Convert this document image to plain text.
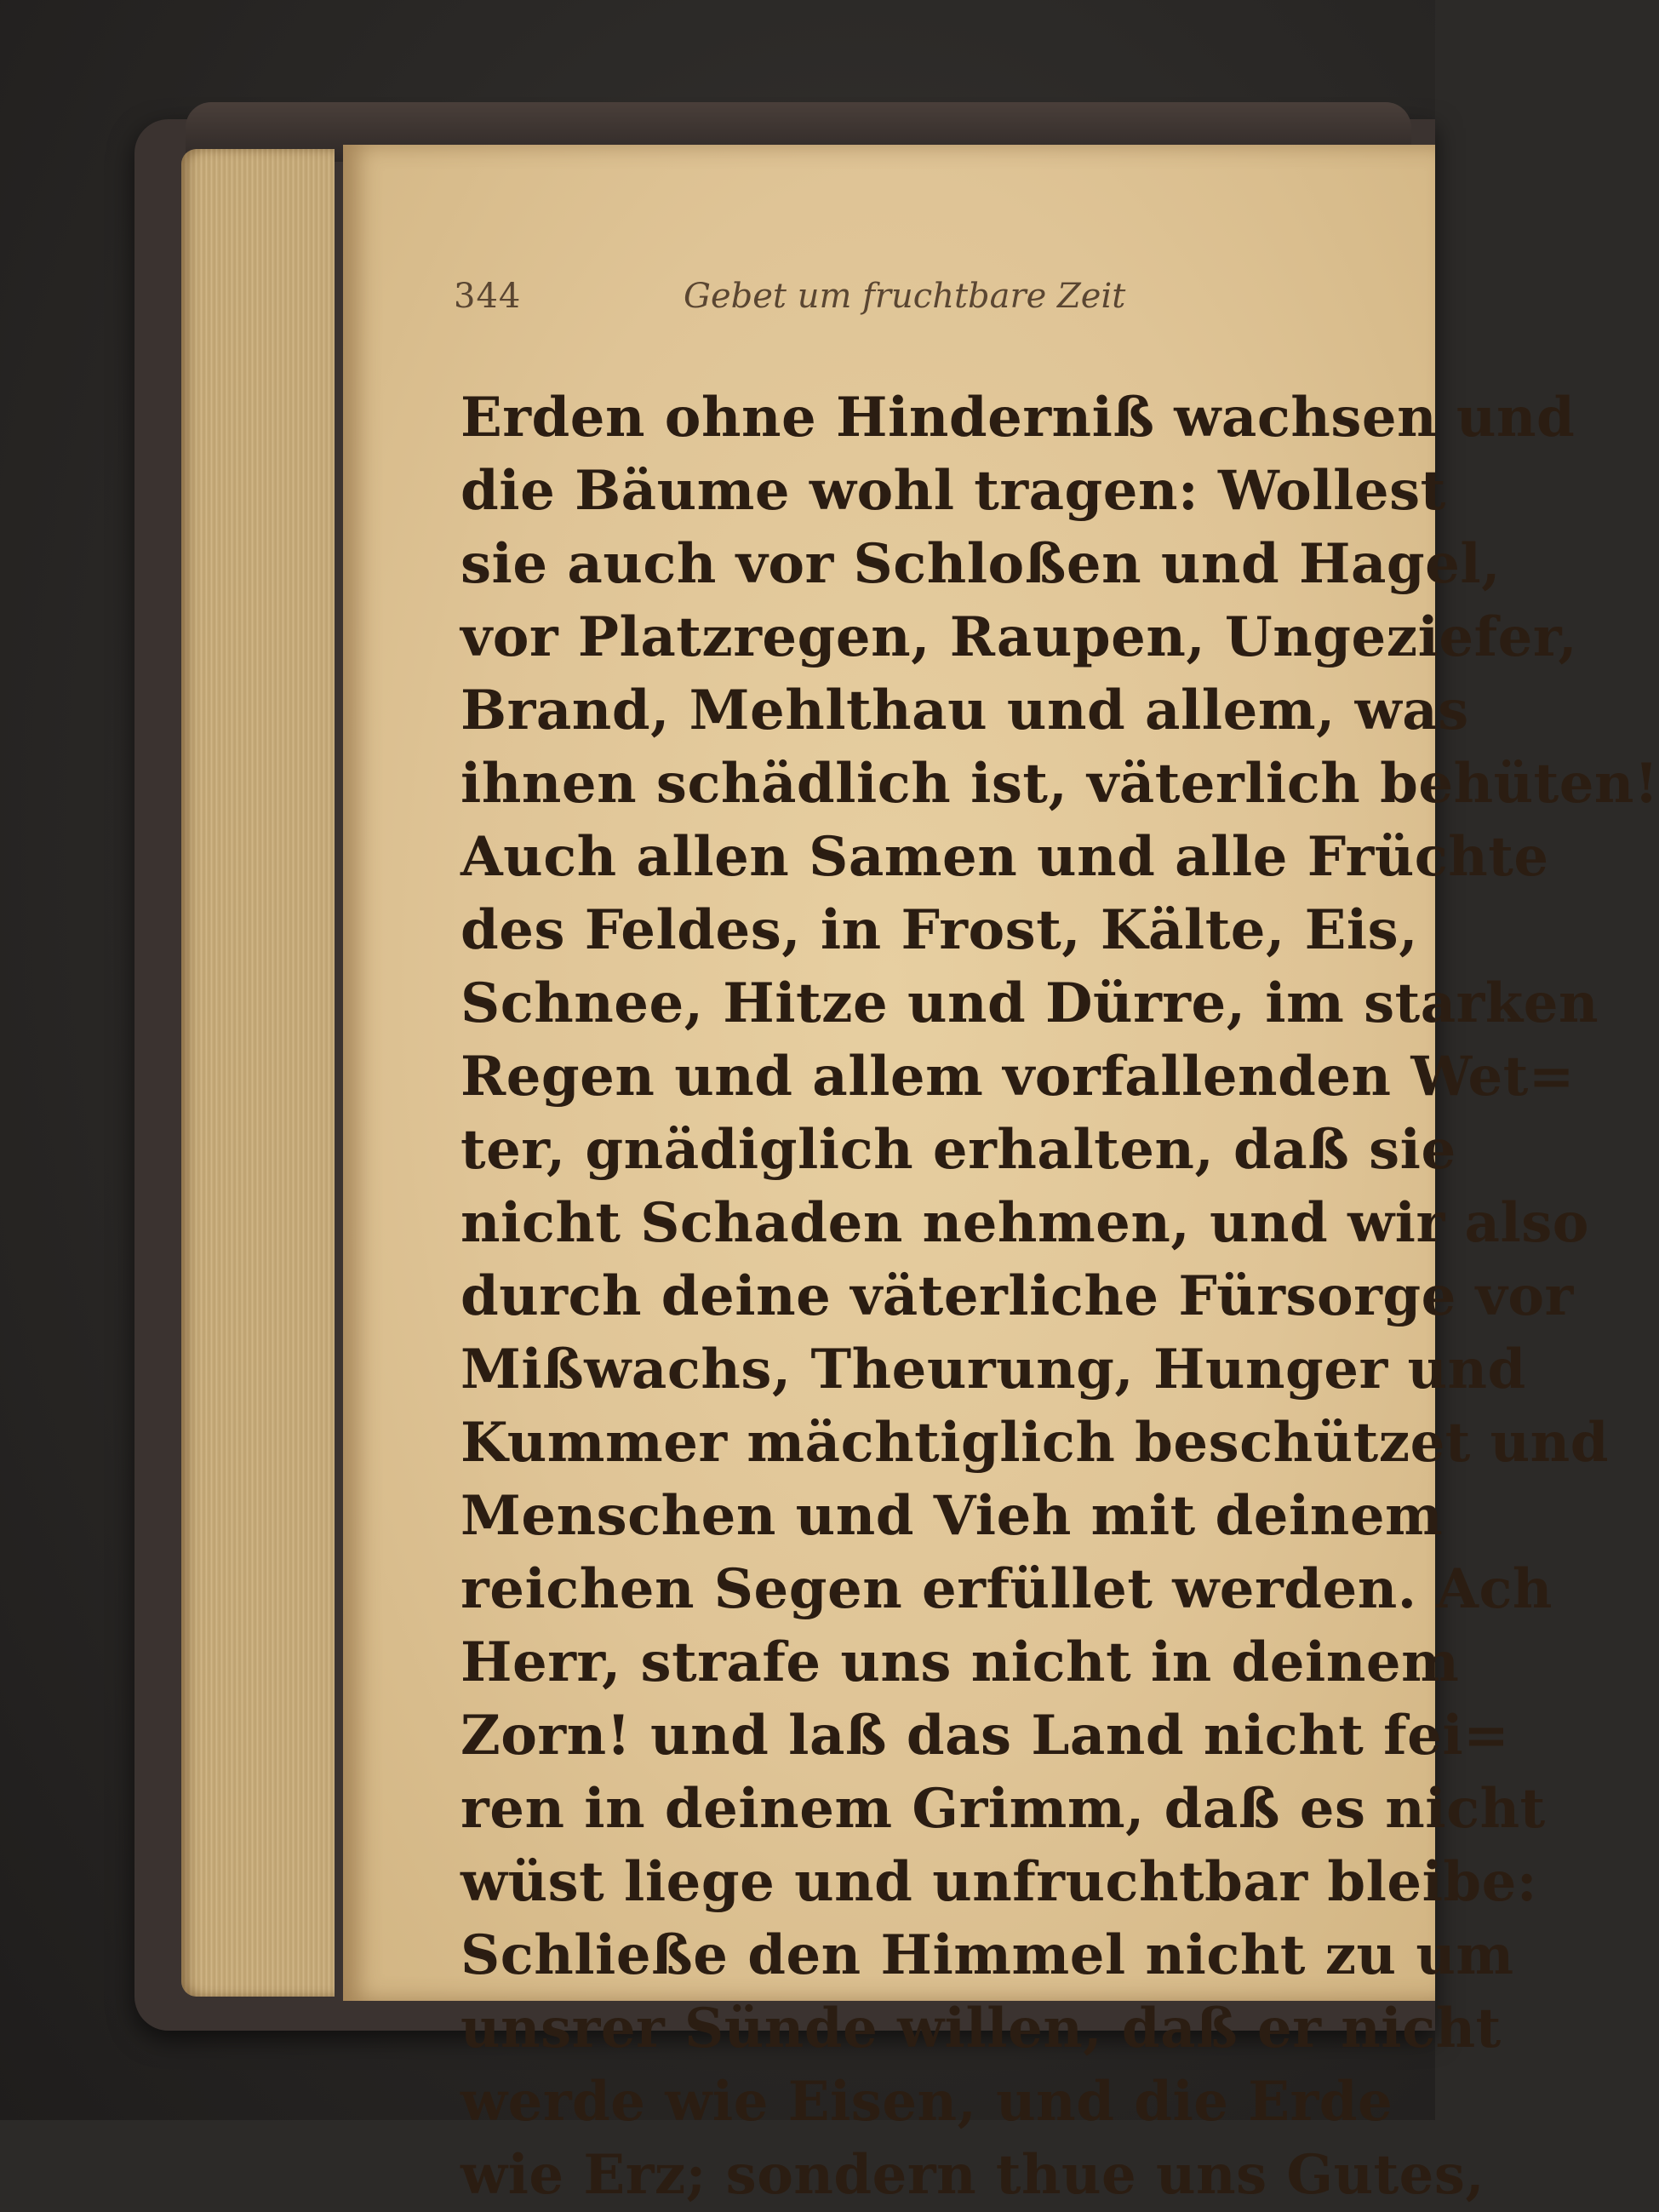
344	Gebet um fruchtbare Zeit
Erden ohne Hinderniß wachsen und
die Bäume wohl tragen: Wollest
sie auch vor Schloßen und Hagel,
vor Platzregen, Raupen, Ungeziefer,
Brand, Mehlthau und allem, was
ihnen schädlich ist, väterlich behüten!
Auch allen Samen und alle Früchte
des Feldes, in Frost, Kälte, Eis,
Schnee, Hitze und Dürre, im starken
Regen und allem vorfallenden Wet=
ter, gnädiglich erhalten, daß sie
nicht Schaden nehmen, und wir also
durch deine väterliche Fürsorge vor
Mißwachs, Theurung, Hunger und
Kummer mächtiglich beschützet und
Menschen und Vieh mit deinem
reichen Segen erfüllet werden. Ach
Herr, strafe uns nicht in deinem
Zorn! und laß das Land nicht fei=
ren in deinem Grimm, daß es nicht
wüst liege und unfruchtbar bleibe:
Schließe den Himmel nicht zu um
unsrer Sünde willen, daß er nicht
werde wie Eisen, und die Erde
wie Erz; sondern thue uns Gutes,
